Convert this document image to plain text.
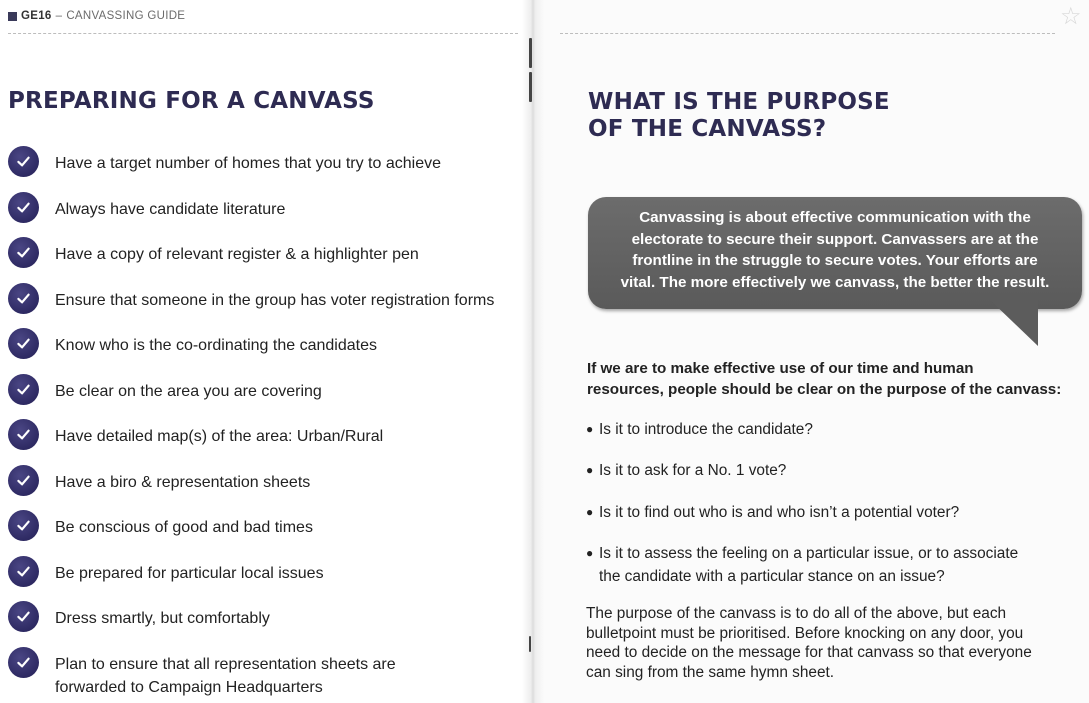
GE16 – CANVASSING GUIDE	☆
PREPARING FOR A CANVASS
Have a target number of homes that you try to achieve
Always have candidate literature
Have a copy of relevant register & a highlighter pen
Ensure that someone in the group has voter registration forms
Know who is the co-ordinating the candidates
Be clear on the area you are covering
Have detailed map(s) of the area: Urban/Rural
Have a biro & representation sheets
Be conscious of good and bad times
Be prepared for particular local issues
Dress smartly, but comfortably
Plan to ensure that all representation sheets are
forwarded to Campaign Headquarters
WHAT IS THE PURPOSE
OF THE CANVASS?
Canvassing is about effective communication with the
electorate to secure their support. Canvassers are at the
frontline in the struggle to secure votes. Your efforts are
vital. The more effectively we canvass, the better the result.
If we are to make effective use of our time and human
resources, people should be clear on the purpose of the canvass:
● Is it to introduce the candidate?
● Is it to ask for a No. 1 vote?
● Is it to find out who is and who isn’t a potential voter?
● Is it to assess the feeling on a particular issue, or to associate
the candidate with a particular stance on an issue?
The purpose of the canvass is to do all of the above, but each
bulletpoint must be prioritised. Before knocking on any door, you
need to decide on the message for that canvass so that everyone
can sing from the same hymn sheet.
